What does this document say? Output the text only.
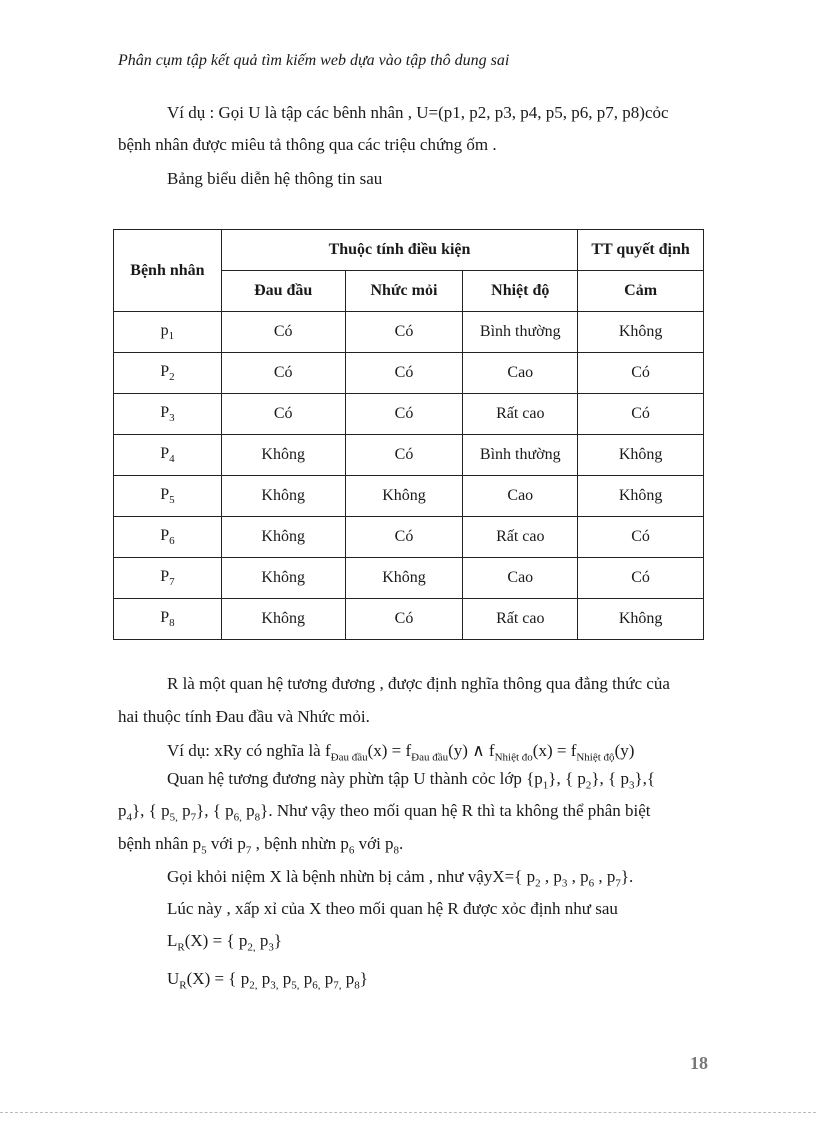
Phân cụm tập kết quả tìm kiếm web dựa vào tập thô dung sai
Ví dụ : Gọi U là tập các bênh nhân , U=(p1, p2, p3, p4, p5, p6, p7, p8)cỏc
bệnh nhân được miêu tả thông qua các triệu chứng ốm .
Bảng biểu diễn hệ thông tin sau
Bệnh nhân	Thuộc tính điều kiện			TT quyết định
	Đau đầu	Nhức mỏi	Nhiệt độ	Cảm
$p_1$	Có	Có	Bình thường	Không
$P_2$	Có	Có	Cao	Có
$P_3$	Có	Có	Rất cao	Có
$P_4$	Không	Có	Bình thường	Không
$P_5$	Không	Không	Cao	Không
$P_6$	Không	Có	Rất cao	Có
$P_7$	Không	Không	Cao	Có
$P_8$	Không	Có	Rất cao	Không
R là một quan hệ tương đương , được định nghĩa thông qua đẳng thức của
hai thuộc tính Đau đầu và Nhức mỏi.
Ví dụ: xRy có nghĩa là $f_{Đau đầu}(x) = f_{Đau đầu}(y)$ ∧ $f_{Nhiệt đo}(x) = f_{Nhiệt độ}(y)$
Quan hệ tương đương này phừn tập U thành cỏc lớp $\{p_1\}$, { $p_2$}, { $p_3$},{
$p_4$}, { $p_{5,}$ $p_7$}, { $p_{6,}$ $p_8$}. Như vậy theo mối quan hệ R thì ta không thể phân biệt
bệnh nhân $p_5$ với $p_7$ , bệnh nhừn $p_6$ với $p_8$.
Gọi khỏi niệm X là bệnh nhừn bị cảm , như vậyX={ $p_2$ , $p_3$ , $p_6$ , $p_7$}.
Lúc này , xấp xỉ của X theo mối quan hệ R được xỏc định như sau
$L_R(X)$ = { $p_{2,}$ $p_3$}
$U_R(X)$ = { $p_{2,}$ $p_{3,}$ $p_{5,}$ $p_{6,}$ $p_{7,}$ $p_8$}
18
